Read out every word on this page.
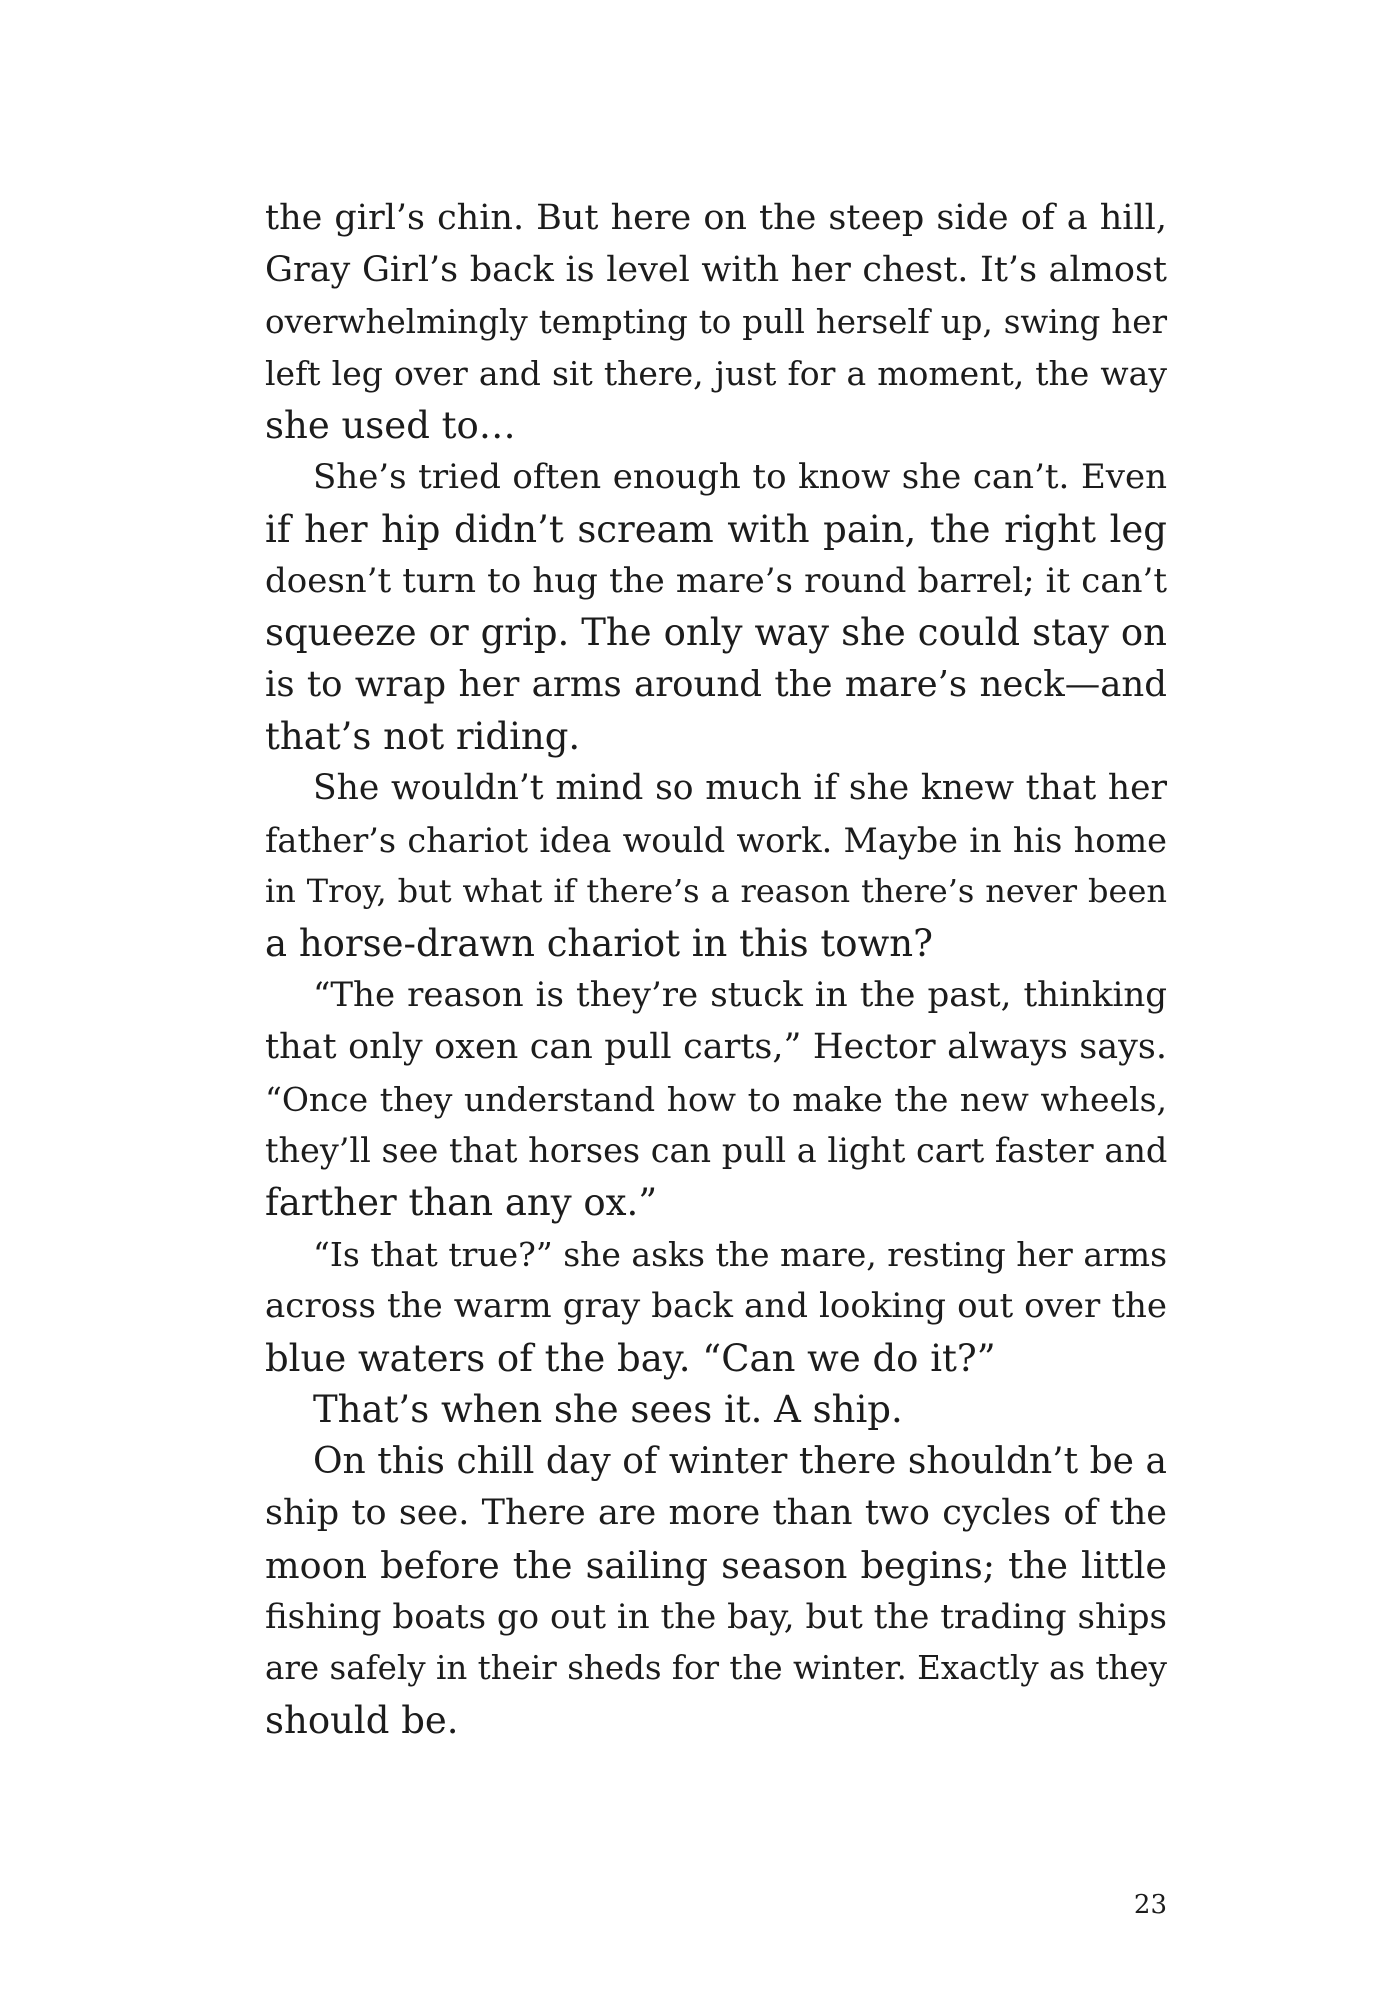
the girl’s chin. But here on the steep side of a hill,
Gray Girl’s back is level with her chest. It’s almost
overwhelmingly tempting to pull herself up, swing her
left leg over and sit there, just for a moment, the way
she used to…
She’s tried often enough to know she can’t. Even
if her hip didn’t scream with pain, the right leg
doesn’t turn to hug the mare’s round barrel; it can’t
squeeze or grip. The only way she could stay on
is to wrap her arms around the mare’s neck—and
that’s not riding.
She wouldn’t mind so much if she knew that her
father’s chariot idea would work. Maybe in his home
in Troy, but what if there’s a reason there’s never been
a horse-drawn chariot in this town?
“The reason is they’re stuck in the past, thinking
that only oxen can pull carts,” Hector always says.
“Once they understand how to make the new wheels,
they’ll see that horses can pull a light cart faster and
farther than any ox.”
“Is that true?” she asks the mare, resting her arms
across the warm gray back and looking out over the
blue waters of the bay. “Can we do it?”
That’s when she sees it. A ship.
On this chill day of winter there shouldn’t be a
ship to see. There are more than two cycles of the
moon before the sailing season begins; the little
fishing boats go out in the bay, but the trading ships
are safely in their sheds for the winter. Exactly as they
should be.
23
